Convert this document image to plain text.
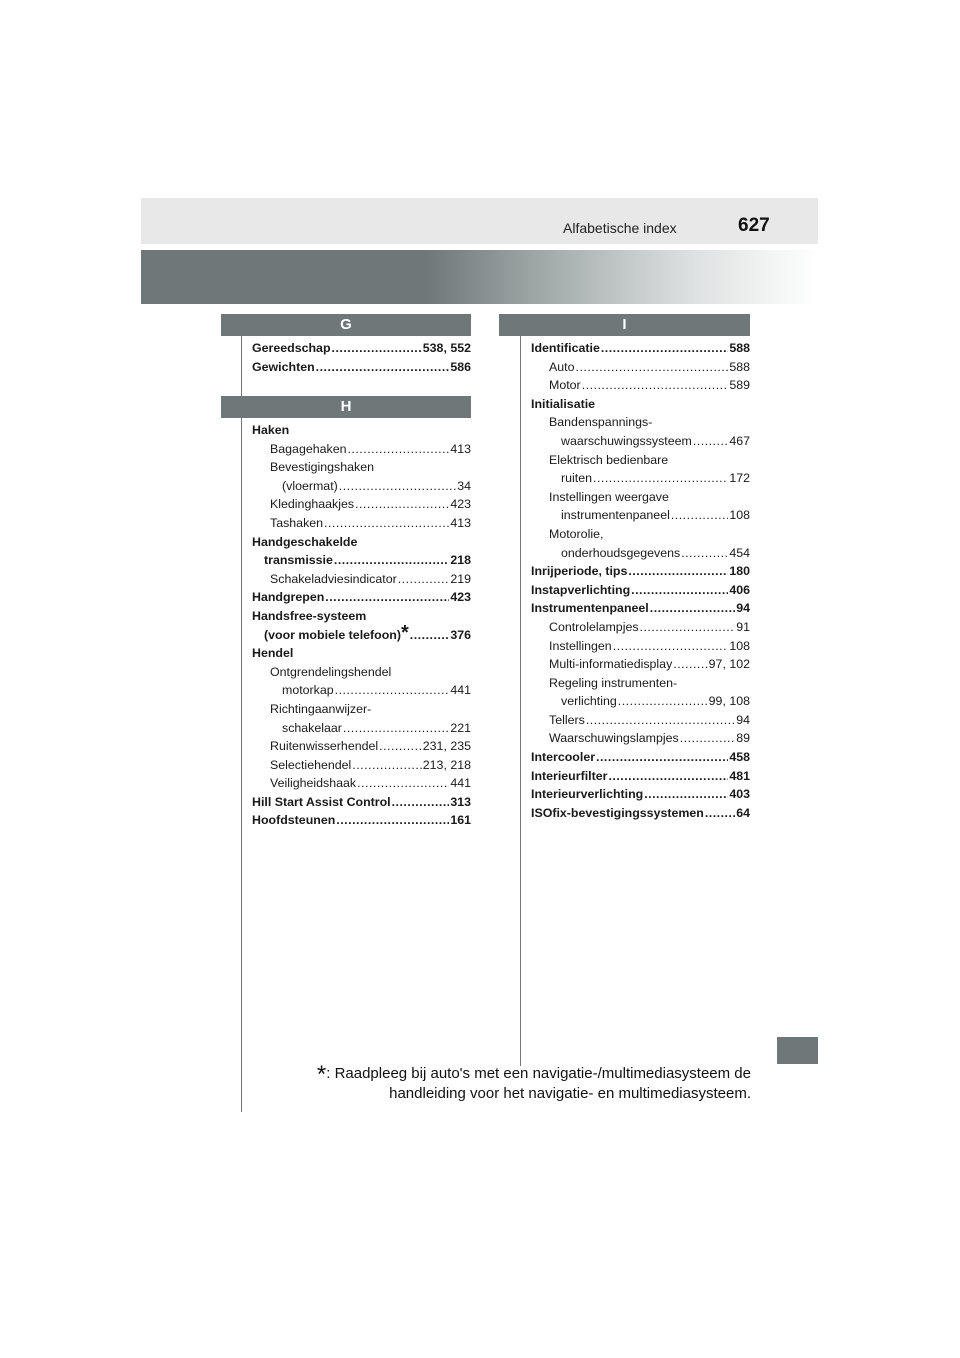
Alfabetische index	627
G
H
I
Gereedschap .....	538, 552
Gewichten .....	586
Haken
Bagagehaken .....	413
Bevestigingshaken
(vloermat) .....	34
Kledinghaakjes .....	423
Tashaken .....	413
Handgeschakelde
transmissie .....	218
Schakeladviesindicator .....	219
Handgrepen .....	423
Handsfree-systeem
(voor mobiele telefoon) * .....	376
Hendel
Ontgrendelingshendel
motorkap .....	441
Richtingaanwijzer-
schakelaar .....	221
Ruitenwisserhendel .....	231, 235
Selectiehendel .....	213, 218
Veiligheidshaak .....	441
Hill Start Assist Control .....	313
Hoofdsteunen .....	161
Identificatie .....	588
Auto .....	588
Motor .....	589
Initialisatie
Bandenspannings-
waarschuwingssysteem .....	467
Elektrisch bedienbare
ruiten .....	172
Instellingen weergave
instrumentenpaneel .....	108
Motorolie,
onderhoudsgegevens .....	454
Inrijperiode, tips .....	180
Instapverlichting .....	406
Instrumentenpaneel .....	94
Controlelampjes .....	91
Instellingen .....	108
Multi-informatiedisplay .....	97, 102
Regeling instrumenten-
verlichting .....	99, 108
Tellers .....	94
Waarschuwingslampjes .....	89
Intercooler .....	458
Interieurfilter .....	481
Interieurverlichting .....	403
ISOfix-bevestigingssystemen .....	64
*: Raadpleeg bij auto's met een navigatie-/multimediasysteem de
handleiding voor het navigatie- en multimediasysteem.
